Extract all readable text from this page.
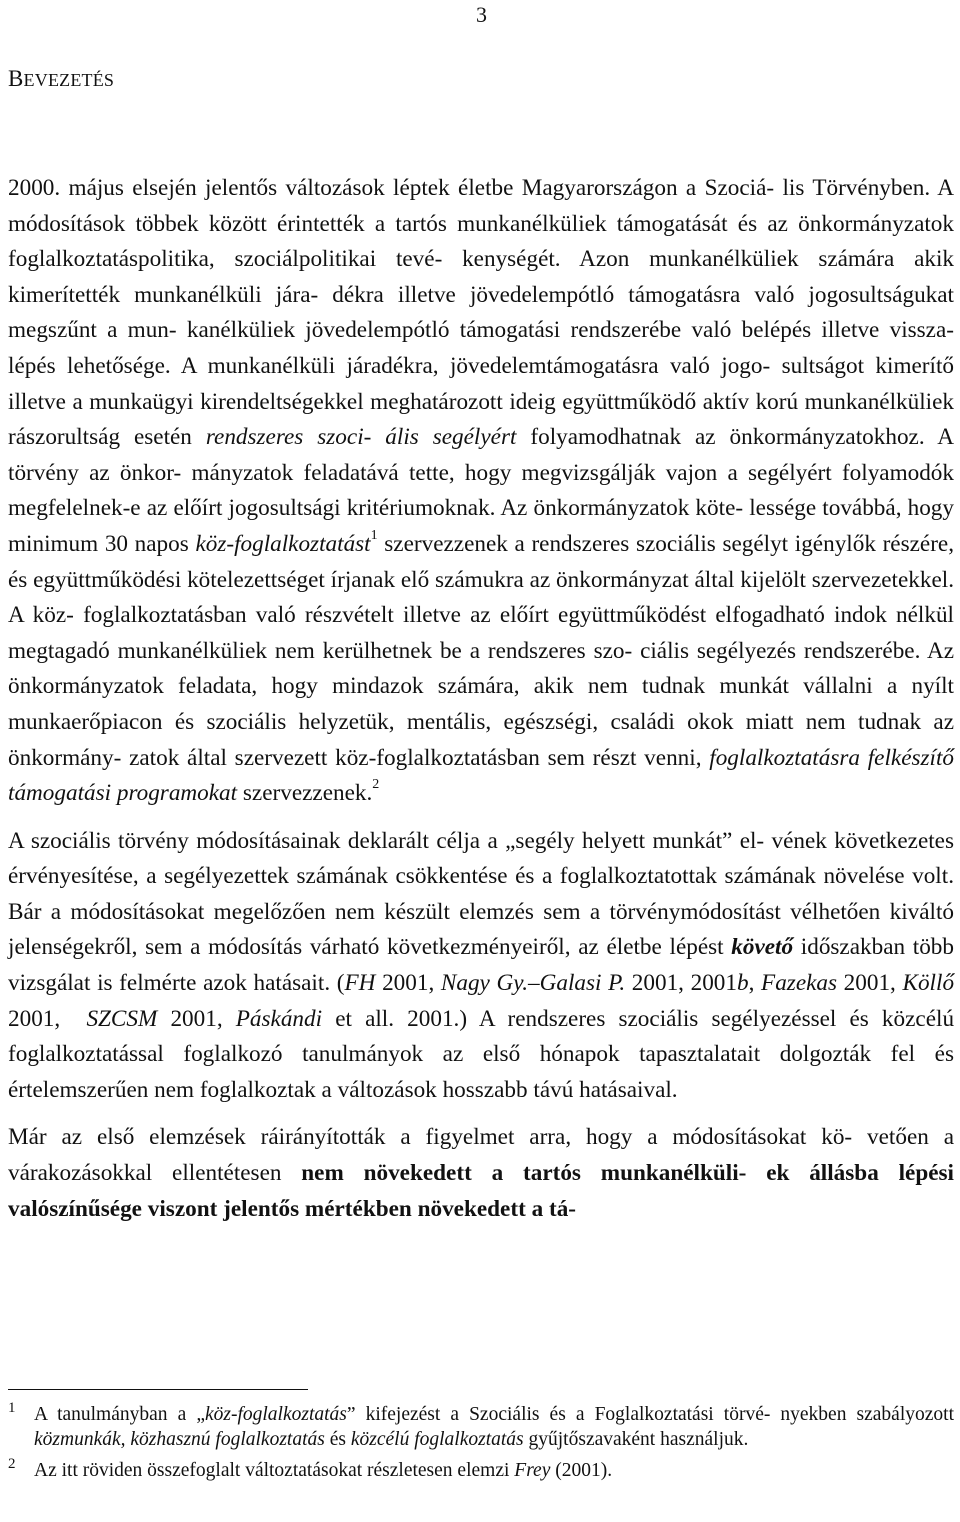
3
BEVEZETÉS

2000. május elsején jelentős változások léptek életbe Magyarországon a Szociá- lis Törvényben. A módosítások többek között érintették a tartós munkanélküliek támogatását és az önkormányzatok foglalkoztatáspolitika, szociálpolitikai tevé- kenységét. Azon munkanélküliek számára akik kimerítették munkanélküli jára- dékra illetve jövedelempótló támogatásra való jogosultságukat megszűnt a mun- kanélküliek jövedelempótló támogatási rendszerébe való belépés illetve vissza- lépés lehetősége. A munkanélküli járadékra, jövedelemtámogatásra való jogo- sultságot kimerítő illetve a munkaügyi kirendeltségekkel meghatározott ideig együttműködő aktív korú munkanélküliek rászorultság esetén rendszeres szoci- ális segélyért folyamodhatnak az önkormányzatokhoz. A törvény az önkor- mányzatok feladatává tette, hogy megvizsgálják vajon a segélyért folyamodók megfelelnek-e az előírt jogosultsági kritériumoknak. Az önkormányzatok köte- lessége továbbá, hogy minimum 30 napos köz-foglalkoztatást$^1$ szervezzenek a rendszeres szociális segélyt igénylők részére, és együttműködési kötelezettséget írjanak elő számukra az önkormányzat által kijelölt szervezetekkel. A köz- foglalkoztatásban való részvételt illetve az előírt együttműködést elfogadható indok nélkül megtagadó munkanélküliek nem kerülhetnek be a rendszeres szo- ciális segélyezés rendszerébe. Az önkormányzatok feladata, hogy mindazok számára, akik nem tudnak munkát vállalni a nyílt munkaerőpiacon és szociális helyzetük, mentális, egészségi, családi okok miatt nem tudnak az önkormány- zatok által szervezett köz-foglalkoztatásban sem részt venni, foglalkoztatásra felkészítő támogatási programokat szervezzenek.$^2$

A szociális törvény módosításainak deklarált célja a „segély helyett munkát” el- vének következetes érvényesítése, a segélyezettek számának csökkentése és a foglalkoztatottak számának növelése volt. Bár a módosításokat megelőzően nem készült elemzés sem a törvénymódosítást vélhetően kiváltó jelenségekről, sem a módosítás várható következményeiről, az életbe lépést követő időszakban több vizsgálat is felmérte azok hatásait. (FH 2001, Nagy Gy.–Galasi P. 2001, 2001b, Fazekas 2001, Köllő 2001, SZCSM 2001, Páskándi et all. 2001.) A rendszeres szociális segélyezéssel és közcélú foglalkoztatással foglalkozó tanulmányok az első hónapok tapasztalatait dolgozták fel és értelemszerűen nem foglalkoztak a változások hosszabb távú hatásaival.

Már az első elemzések ráirányították a figyelmet arra, hogy a módosításokat kö- vetően a várakozásokkal ellentétesen nem növekedett a tartós munkanélküli- ek állásba lépési valószínűsége viszont jelentős mértékben növekedett a tá-

1 A tanulmányban a „köz-foglalkoztatás” kifejezést a Szociális és a Foglalkoztatási törvé- nyekben szabályozott közmunkák, közhasznú foglalkoztatás és közcélú foglalkoztatás gyűjtőszavaként használjuk.
2 Az itt röviden összefoglalt változtatásokat részletesen elemzi Frey (2001).
